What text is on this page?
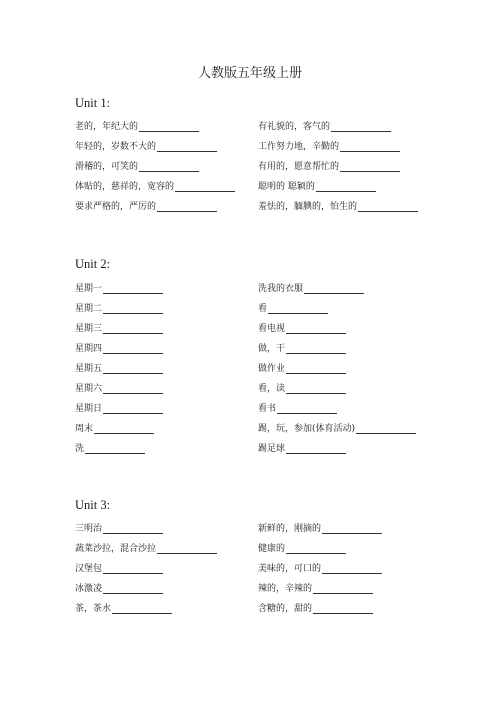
人教版五年级上册
Unit 1:
老的，年纪大的
年轻的，岁数不大的
滑稽的，可笑的
体贴的，慈祥的，宽容的
要求严格的，严厉的
有礼貌的，客气的
工作努力地，辛勤的
有用的，愿意帮忙的
聪明的 聪颖的
羞怯的，腼腆的，怕生的
Unit 2:
星期一
星期二
星期三
星期四
星期五
星期六
星期日
周末
洗
洗我的衣服
看
看电视
做，干
做作业
看，读
看书
踢，玩，参加(体育活动)
踢足球
Unit 3:
三明治
蔬菜沙拉，混合沙拉
汉堡包
冰激凌
茶，茶水
新鲜的，刚摘的
健康的
美味的，可口的
辣的，辛辣的
含糖的，甜的
